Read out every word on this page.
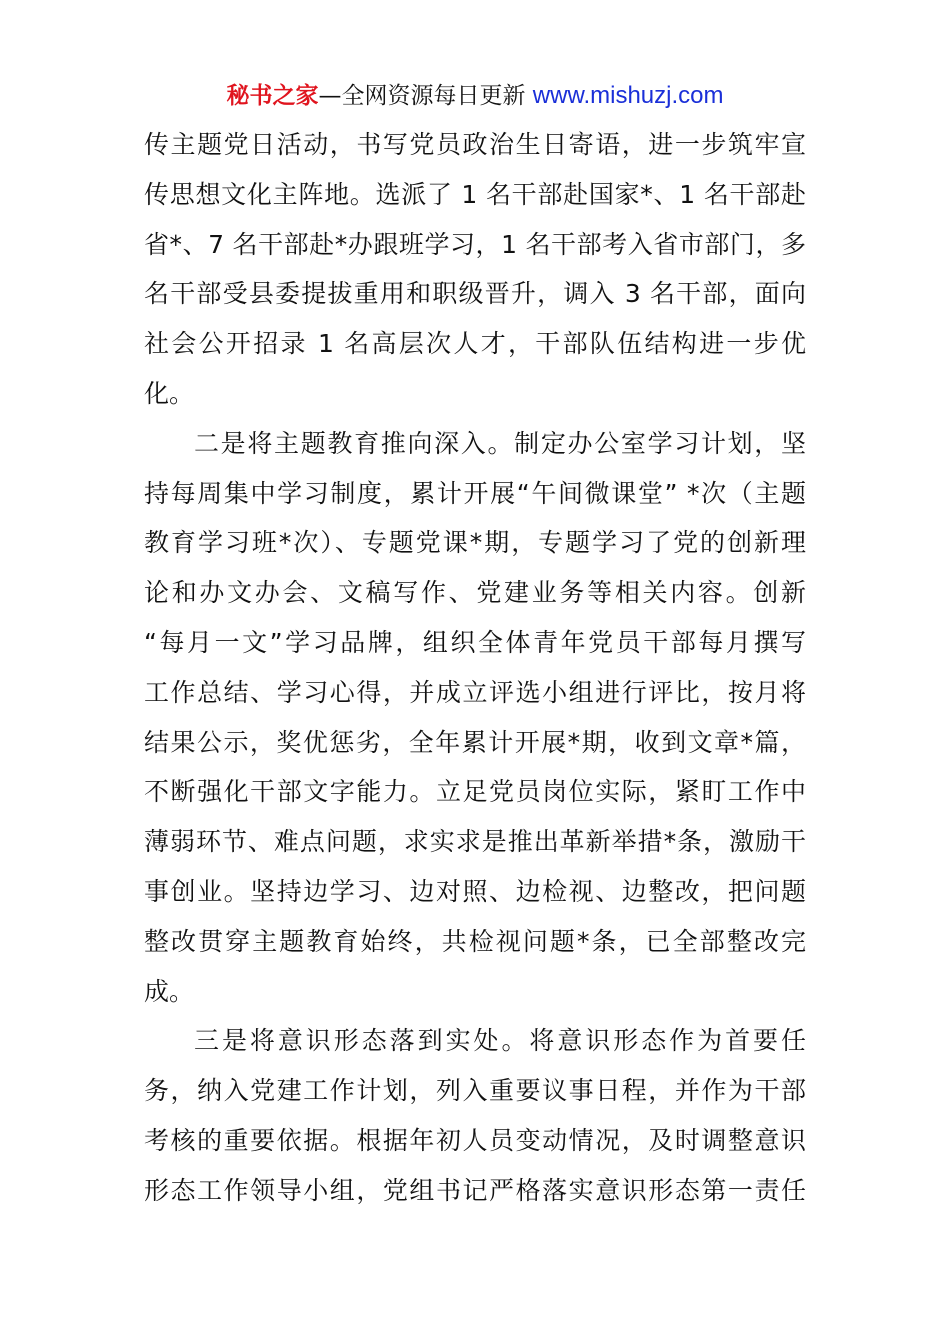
秘书之家—全网资源每日更新 www.mishuzj.com
传主题党日活动，书写党员政治生日寄语，进一步筑牢宣
传思想文化主阵地。选派了 1 名干部赴国家*、1 名干部赴
省*、7 名干部赴*办跟班学习，1 名干部考入省市部门，多
名干部受县委提拔重用和职级晋升，调入 3 名干部，面向
社会公开招录 1 名高层次人才，干部队伍结构进一步优
化。
二是将主题教育推向深入。制定办公室学习计划，坚
持每周集中学习制度，累计开展“午间微课堂” *次（主题
教育学习班*次）、专题党课*期，专题学习了党的创新理
论和办文办会、文稿写作、党建业务等相关内容。创新
“每月一文”学习品牌，组织全体青年党员干部每月撰写
工作总结、学习心得，并成立评选小组进行评比，按月将
结果公示，奖优惩劣，全年累计开展*期，收到文章*篇，
不断强化干部文字能力。立足党员岗位实际，紧盯工作中
薄弱环节、难点问题，求实求是推出革新举措*条，激励干
事创业。坚持边学习、边对照、边检视、边整改，把问题
整改贯穿主题教育始终，共检视问题*条，已全部整改完
成。
三是将意识形态落到实处。将意识形态作为首要任
务，纳入党建工作计划，列入重要议事日程，并作为干部
考核的重要依据。根据年初人员变动情况，及时调整意识
形态工作领导小组，党组书记严格落实意识形态第一责任
